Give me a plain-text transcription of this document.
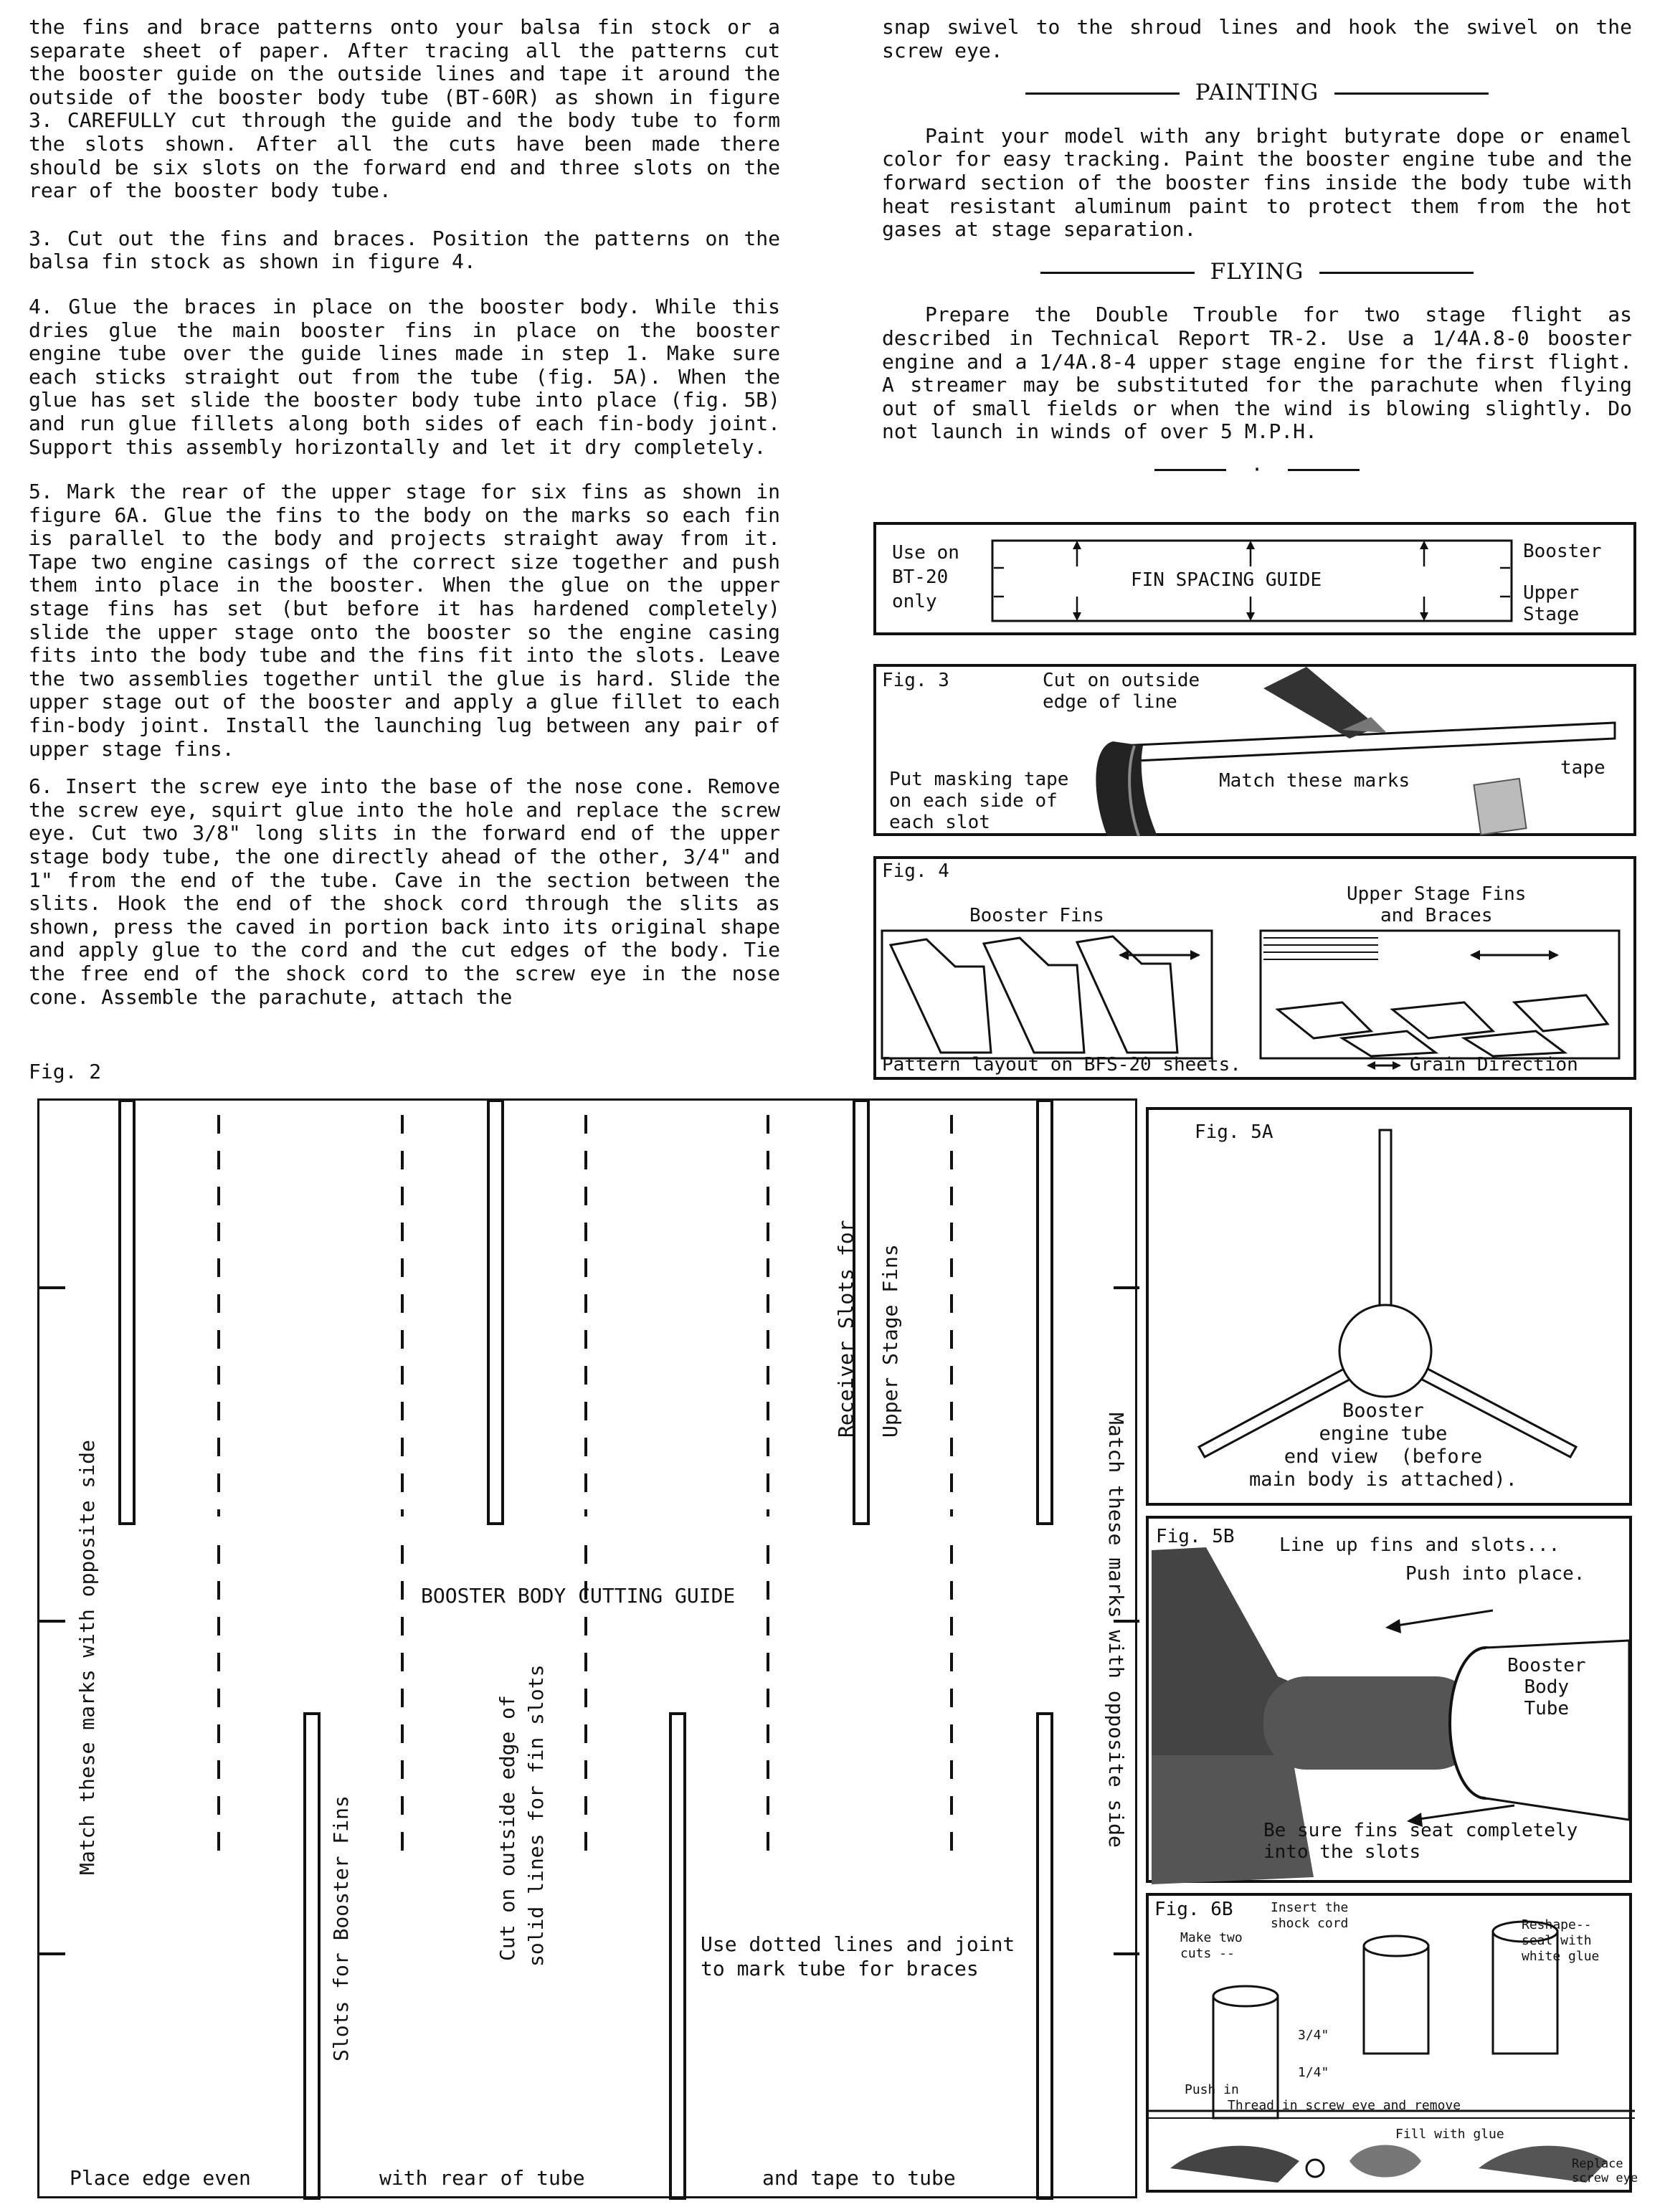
the fins and brace patterns onto your balsa fin stock or a separate sheet of paper. After tracing all the patterns cut the booster guide on the outside lines and tape it around the outside of the booster body tube (BT-60R) as shown in figure 3. CAREFULLY cut through the guide and the body tube to form the slots shown. After all the cuts have been made there should be six slots on the forward end and three slots on the rear of the booster body tube.

3. Cut out the fins and braces. Position the patterns on the balsa fin stock as shown in figure 4.

4. Glue the braces in place on the booster body. While this dries glue the main booster fins in place on the booster engine tube over the guide lines made in step 1. Make sure each sticks straight out from the tube (fig. 5A). When the glue has set slide the booster body tube into place (fig. 5B) and run glue fillets along both sides of each fin-body joint. Support this assembly horizontally and let it dry completely.

5. Mark the rear of the upper stage for six fins as shown in figure 6A. Glue the fins to the body on the marks so each fin is parallel to the body and projects straight away from it. Tape two engine casings of the correct size together and push them into place in the booster. When the glue on the upper stage fins has set (but before it has hardened completely) slide the upper stage onto the booster so the engine casing fits into the body tube and the fins fit into the slots. Leave the two assemblies together until the glue is hard. Slide the upper stage out of the booster and apply a glue fillet to each fin-body joint. Install the launching lug between any pair of upper stage fins.

6. Insert the screw eye into the base of the nose cone. Remove the screw eye, squirt glue into the hole and replace the screw eye. Cut two 3/8" long slits in the forward end of the upper stage body tube, the one directly ahead of the other, 3/4" and 1" from the end of the tube. Cave in the section between the slits. Hook the end of the shock cord through the slits as shown, press the caved in portion back into its original shape and apply glue to the cord and the cut edges of the body. Tie the free end of the shock cord to the screw eye in the nose cone. Assemble the parachute, attach the

snap swivel to the shroud lines and hook the swivel on the screw eye.

PAINTING

Paint your model with any bright butyrate dope or enamel color for easy tracking. Paint the booster engine tube and the forward section of the booster fins inside the body tube with heat resistant aluminum paint to protect them from the hot gases at stage separation.

FLYING

Prepare the Double Trouble for two stage flight as described in Technical Report TR-2. Use a 1/4A.8-0 booster engine and a 1/4A.8-4 upper stage engine for the first flight. A streamer may be substituted for the parachute when flying out of small fields or when the wind is blowing slightly. Do not launch in winds of over 5 M.P.H.

·
Use on
BT-20
only
FIN SPACING GUIDE
Booster
Upper
Stage
Fig. 3	Cut on outside
edge of line
Put masking tape
on each side of
each slot
Match these marks
tape
Fig. 4
Booster Fins
Upper Stage Fins
and Braces
Pattern layout on BFS-20 sheets.	Grain Direction
Fig. 2
Match these marks with opposite side	Match these marks with opposite side
Receiver Slots for Upper Stage Fins
BOOSTER BODY CUTTING GUIDE
Slots for Booster Fins	Cut on outside edge of solid lines for fin slots	Use dotted lines and joint
to mark tube for braces
Place edge even	with rear of tube	and tape to tube
Fig. 5A
Booster
engine tube
end view  (before
main body is attached).
Fig. 5B Line up fins and slots...
Push into place.
Booster
Body
Tube
Be sure fins seat completely
into the slots
Fig. 6B	Insert the
shock cord	Reshape--
seal with
white glue
Make two
cuts --
3/4"
1/4"
Push in
Thread in screw eye and remove
Fill with glue
Replace
screw eye
